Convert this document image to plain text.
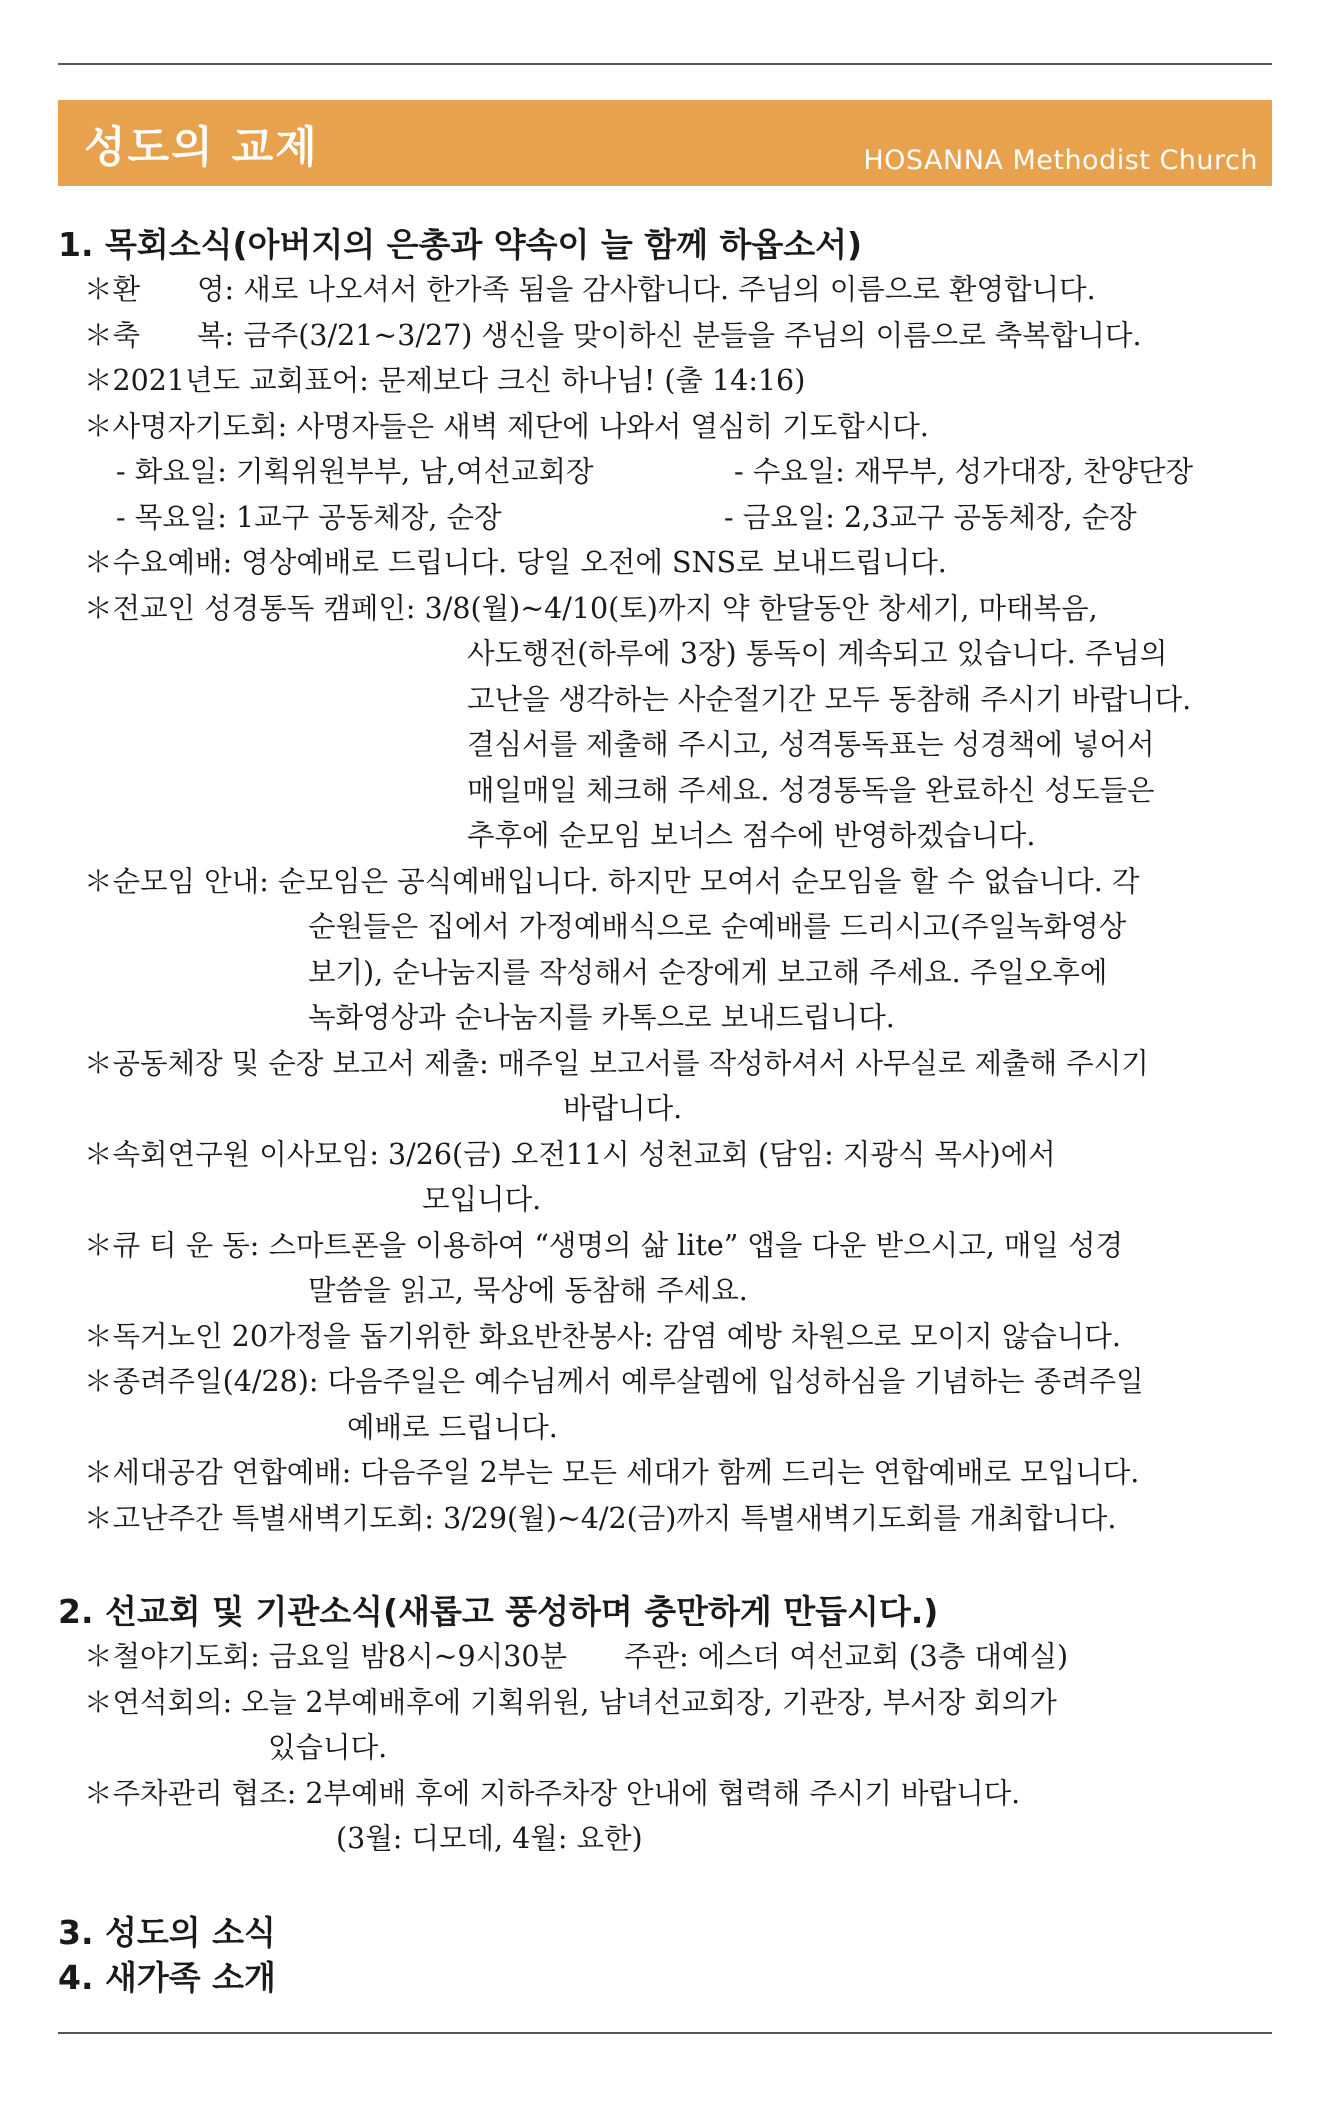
성도의 교제	HOSANNA Methodist Church
1. 목회소식(아버지의 은총과 약속이 늘 함께 하옵소서)
＊환  영: 새로 나오셔서 한가족 됨을 감사합니다. 주님의 이름으로 환영합니다.
＊축  복: 금주(3/21~3/27) 생신을 맞이하신 분들을 주님의 이름으로 축복합니다.
＊2021년도 교회표어: 문제보다 크신 하나님! (출 14:16)
＊사명자기도회: 사명자들은 새벽 제단에 나와서 열심히 기도합시다.
- 화요일: 기획위원부부, 남,여선교회장	- 수요일: 재무부, 성가대장, 찬양단장
- 목요일: 1교구 공동체장, 순장	- 금요일: 2,3교구 공동체장, 순장
＊수요예배: 영상예배로 드립니다. 당일 오전에 SNS로 보내드립니다.
＊전교인 성경통독 캠페인: 3/8(월)~4/10(토)까지 약 한달동안 창세기, 마태복음,
사도행전(하루에 3장) 통독이 계속되고 있습니다. 주님의
고난을 생각하는 사순절기간 모두 동참해 주시기 바랍니다.
결심서를 제출해 주시고, 성격통독표는 성경책에 넣어서
매일매일 체크해 주세요. 성경통독을 완료하신 성도들은
추후에 순모임 보너스 점수에 반영하겠습니다.
＊순모임 안내: 순모임은 공식예배입니다. 하지만 모여서 순모임을 할 수 없습니다. 각
순원들은 집에서 가정예배식으로 순예배를 드리시고(주일녹화영상
보기), 순나눔지를 작성해서 순장에게 보고해 주세요. 주일오후에
녹화영상과 순나눔지를 카톡으로 보내드립니다.
＊공동체장 및 순장 보고서 제출: 매주일 보고서를 작성하셔서 사무실로 제출해 주시기
바랍니다.
＊속회연구원 이사모임: 3/26(금) 오전11시 성천교회 (담임: 지광식 목사)에서
모입니다.
＊큐 티 운 동: 스마트폰을 이용하여 “생명의 삶 lite” 앱을 다운 받으시고, 매일 성경
말씀을 읽고, 묵상에 동참해 주세요.
＊독거노인 20가정을 돕기위한 화요반찬봉사: 감염 예방 차원으로 모이지 않습니다.
＊종려주일(4/28): 다음주일은 예수님께서 예루살렘에 입성하심을 기념하는 종려주일
예배로 드립니다.
＊세대공감 연합예배: 다음주일 2부는 모든 세대가 함께 드리는 연합예배로 모입니다.
＊고난주간 특별새벽기도회: 3/29(월)~4/2(금)까지 특별새벽기도회를 개최합니다.
2. 선교회 및 기관소식(새롭고 풍성하며 충만하게 만듭시다.)
＊철야기도회: 금요일 밤8시~9시30분  주관: 에스더 여선교회 (3층 대예실)
＊연석회의: 오늘 2부예배후에 기획위원, 남녀선교회장, 기관장, 부서장 회의가
있습니다.
＊주차관리 협조: 2부예배 후에 지하주차장 안내에 협력해 주시기 바랍니다.
(3월: 디모데, 4월: 요한)
3. 성도의 소식
4. 새가족 소개
